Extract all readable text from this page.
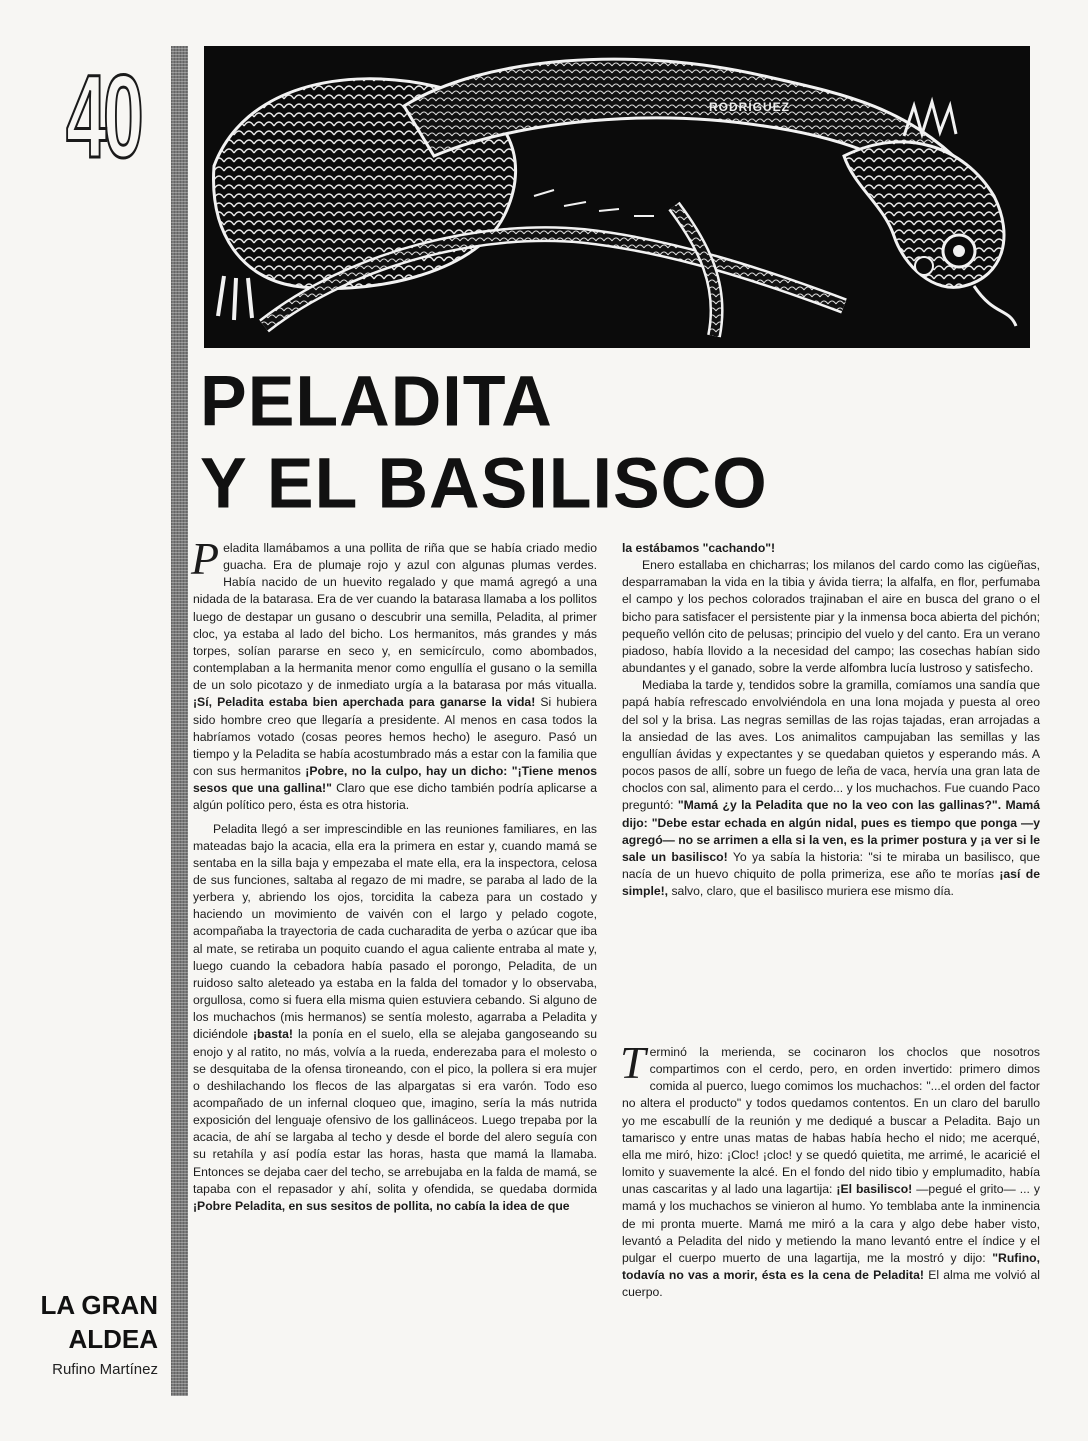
40	RODRÍGUEZ
PELADITA
Y EL BASILISCO

Peladita llamábamos a una pollita de riña que se había criado medio guacha. Era de plumaje rojo y azul con algunas plumas verdes. Había nacido de un huevito regalado y que mamá agregó a una nidada de la batarasa. Era de ver cuando la batarasa llamaba a los pollitos luego de destapar un gusano o descubrir una semilla, Peladita, al primer cloc, ya estaba al lado del bicho. Los hermanitos, más grandes y más torpes, solían pararse en seco y, en semicírculo, como abombados, contemplaban a la hermanita menor como engullía el gusano o la semilla de un solo picotazo y de inmediato urgía a la batarasa por más vitualla. ¡Sí, Peladita estaba bien aperchada para ganarse la vida! Si hubiera sido hombre creo que llegaría a presidente. Al menos en casa todos la habríamos votado (cosas peores hemos hecho) le aseguro. Pasó un tiempo y la Peladita se había acostumbrado más a estar con la familia que con sus hermanitos ¡Pobre, no la culpo, hay un dicho: "¡Tiene menos sesos que una gallina!" Claro que ese dicho también podría aplicarse a algún político pero, ésta es otra historia.

Peladita llegó a ser imprescindible en las reuniones familiares, en las mateadas bajo la acacia, ella era la primera en estar y, cuando mamá se sentaba en la silla baja y empezaba el mate ella, era la inspectora, celosa de sus funciones, saltaba al regazo de mi madre, se paraba al lado de la yerbera y, abriendo los ojos, torcidita la cabeza para un costado y haciendo un movimiento de vaivén con el largo y pelado cogote, acompañaba la trayectoria de cada cucharadita de yerba o azúcar que iba al mate, se retiraba un poquito cuando el agua caliente entraba al mate y, luego cuando la cebadora había pasado el porongo, Peladita, de un ruidoso salto aleteado ya estaba en la falda del tomador y lo observaba, orgullosa, como si fuera ella misma quien estuviera cebando. Si alguno de los muchachos (mis hermanos) se sentía molesto, agarraba a Peladita y diciéndole ¡basta! la ponía en el suelo, ella se alejaba gangoseando su enojo y al ratito, no más, volvía a la rueda, enderezaba para el molesto o se desquitaba de la ofensa tironeando, con el pico, la pollera si era mujer o deshilachando los flecos de las alpargatas si era varón. Todo eso acompañado de un infernal cloqueo que, imagino, sería la más nutrida exposición del lenguaje ofensivo de los gallináceos. Luego trepaba por la acacia, de ahí se largaba al techo y desde el borde del alero seguía con su retahíla y así podía estar las horas, hasta que mamá la llamaba. Entonces se dejaba caer del techo, se arrebujaba en la falda de mamá, se tapaba con el repasador y ahí, solita y ofendida, se quedaba dormida ¡Pobre Peladita, en sus sesitos de pollita, no cabía la idea de que

la estábamos "cachando"!

Enero estallaba en chicharras; los milanos del cardo como las cigüeñas, desparramaban la vida en la tibia y ávida tierra; la alfalfa, en flor, perfumaba el campo y los pechos colorados trajinaban el aire en busca del grano o el bicho para satisfacer el persistente piar y la inmensa boca abierta del pichón; pequeño vellón cito de pelusas; principio del vuelo y del canto. Era un verano piadoso, había llovido a la necesidad del campo; las cosechas habían sido abundantes y el ganado, sobre la verde alfombra lucía lustroso y satisfecho.

Mediaba la tarde y, tendidos sobre la gramilla, comíamos una sandía que papá había refrescado envolviéndola en una lona mojada y puesta al oreo del sol y la brisa. Las negras semillas de las rojas tajadas, eran arrojadas a la ansiedad de las aves. Los animalitos campujaban las semillas y las engullían ávidas y expectantes y se quedaban quietos y esperando más. A pocos pasos de allí, sobre un fuego de leña de vaca, hervía una gran lata de choclos con sal, alimento para el cerdo... y los muchachos. Fue cuando Paco preguntó: "Mamá ¿y la Peladita que no la veo con las gallinas?". Mamá dijo: "Debe estar echada en algún nidal, pues es tiempo que ponga —y agregó— no se arrimen a ella si la ven, es la primer postura y ¡a ver si le sale un basilisco! Yo ya sabía la historia: "si te miraba un basilisco, que nacía de un huevo chiquito de polla primeriza, ese año te morías ¡así de simple!, salvo, claro, que el basilisco muriera ese mismo día.

Terminó la merienda, se cocinaron los choclos que nosotros compartimos con el cerdo, pero, en orden invertido: primero dimos comida al puerco, luego comimos los muchachos: "...el orden del factor no altera el producto" y todos quedamos contentos. En un claro del barullo yo me escabullí de la reunión y me dediqué a buscar a Peladita. Bajo un tamarisco y entre unas matas de habas había hecho el nido; me acerqué, ella me miró, hizo: ¡Cloc! ¡cloc! y se quedó quietita, me arrimé, le acaricié el lomito y suavemente la alcé. En el fondo del nido tibio y emplumadito, había unas cascaritas y al lado una lagartija: ¡El basilisco! —pegué el grito— ... y mamá y los muchachos se vinieron al humo. Yo temblaba ante la inminencia de mi pronta muerte. Mamá me miró a la cara y algo debe haber visto, levantó a Peladita del nido y metiendo la mano levantó entre el índice y el pulgar el cuerpo muerto de una lagartija, me la mostró y dijo: "Rufino, todavía no vas a morir, ésta es la cena de Peladita! El alma me volvió al cuerpo.

LA GRAN
ALDEA
Rufino Martínez
